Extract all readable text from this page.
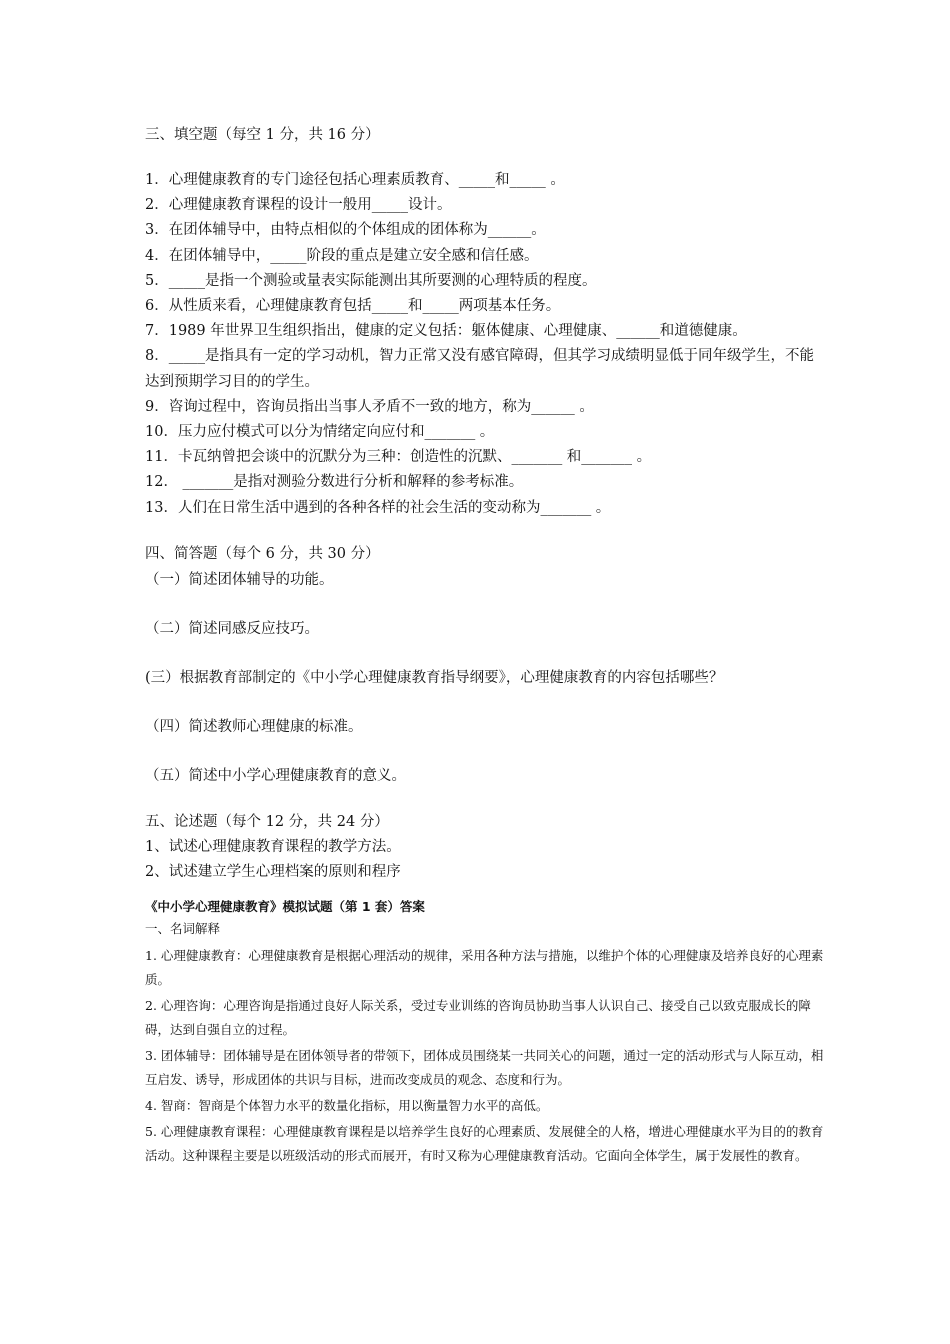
三、填空题（每空 1 分，共 16 分）

1．心理健康教育的专门途径包括心理素质教育、_____和_____ 。
2．心理健康教育课程的设计一般用_____设计。
3．在团体辅导中，由特点相似的个体组成的团体称为______。
4．在团体辅导中，_____阶段的重点是建立安全感和信任感。
5．_____是指一个测验或量表实际能测出其所要测的心理特质的程度。
6．从性质来看，心理健康教育包括_____和_____两项基本任务。
7．1989 年世界卫生组织指出，健康的定义包括：躯体健康、心理健康、______和道德健康。
8．_____是指具有一定的学习动机，智力正常又没有感官障碍，但其学习成绩明显低于同年级学生，不能达到预期学习目的的学生。
9．咨询过程中，咨询员指出当事人矛盾不一致的地方，称为______ 。
10．压力应付模式可以分为情绪定向应付和_______ 。
11．卡瓦纳曾把会谈中的沉默分为三种：创造性的沉默、_______ 和_______ 。
12． _______是指对测验分数进行分析和解释的参考标准。
13．人们在日常生活中遇到的各种各样的社会生活的变动称为_______ 。

四、简答题（每个 6 分，共 30 分）

（一）简述团体辅导的功能。

（二）简述同感反应技巧。

(三）根据教育部制定的《中小学心理健康教育指导纲要》，心理健康教育的内容包括哪些？

（四）简述教师心理健康的标准。

（五）简述中小学心理健康教育的意义。

五、论述题（每个 12 分，共 24 分）

1、试述心理健康教育课程的教学方法。

2、试述建立学生心理档案的原则和程序

《中小学心理健康教育》模拟试题（第 1 套）答案

一、名词解释

1. 心理健康教育：心理健康教育是根据心理活动的规律，采用各种方法与措施，以维护个体的心理健康及培养良好的心理素质。

2. 心理咨询：心理咨询是指通过良好人际关系，受过专业训练的咨询员协助当事人认识自己、接受自己以致克服成长的障碍，达到自强自立的过程。

3. 团体辅导：团体辅导是在团体领导者的带领下，团体成员围绕某一共同关心的问题，通过一定的活动形式与人际互动，相互启发、诱导，形成团体的共识与目标，进而改变成员的观念、态度和行为。

4. 智商：智商是个体智力水平的数量化指标，用以衡量智力水平的高低。

5. 心理健康教育课程：心理健康教育课程是以培养学生良好的心理素质、发展健全的人格，增进心理健康水平为目的的教育活动。这种课程主要是以班级活动的形式而展开，有时又称为心理健康教育活动。它面向全体学生，属于发展性的教育。
